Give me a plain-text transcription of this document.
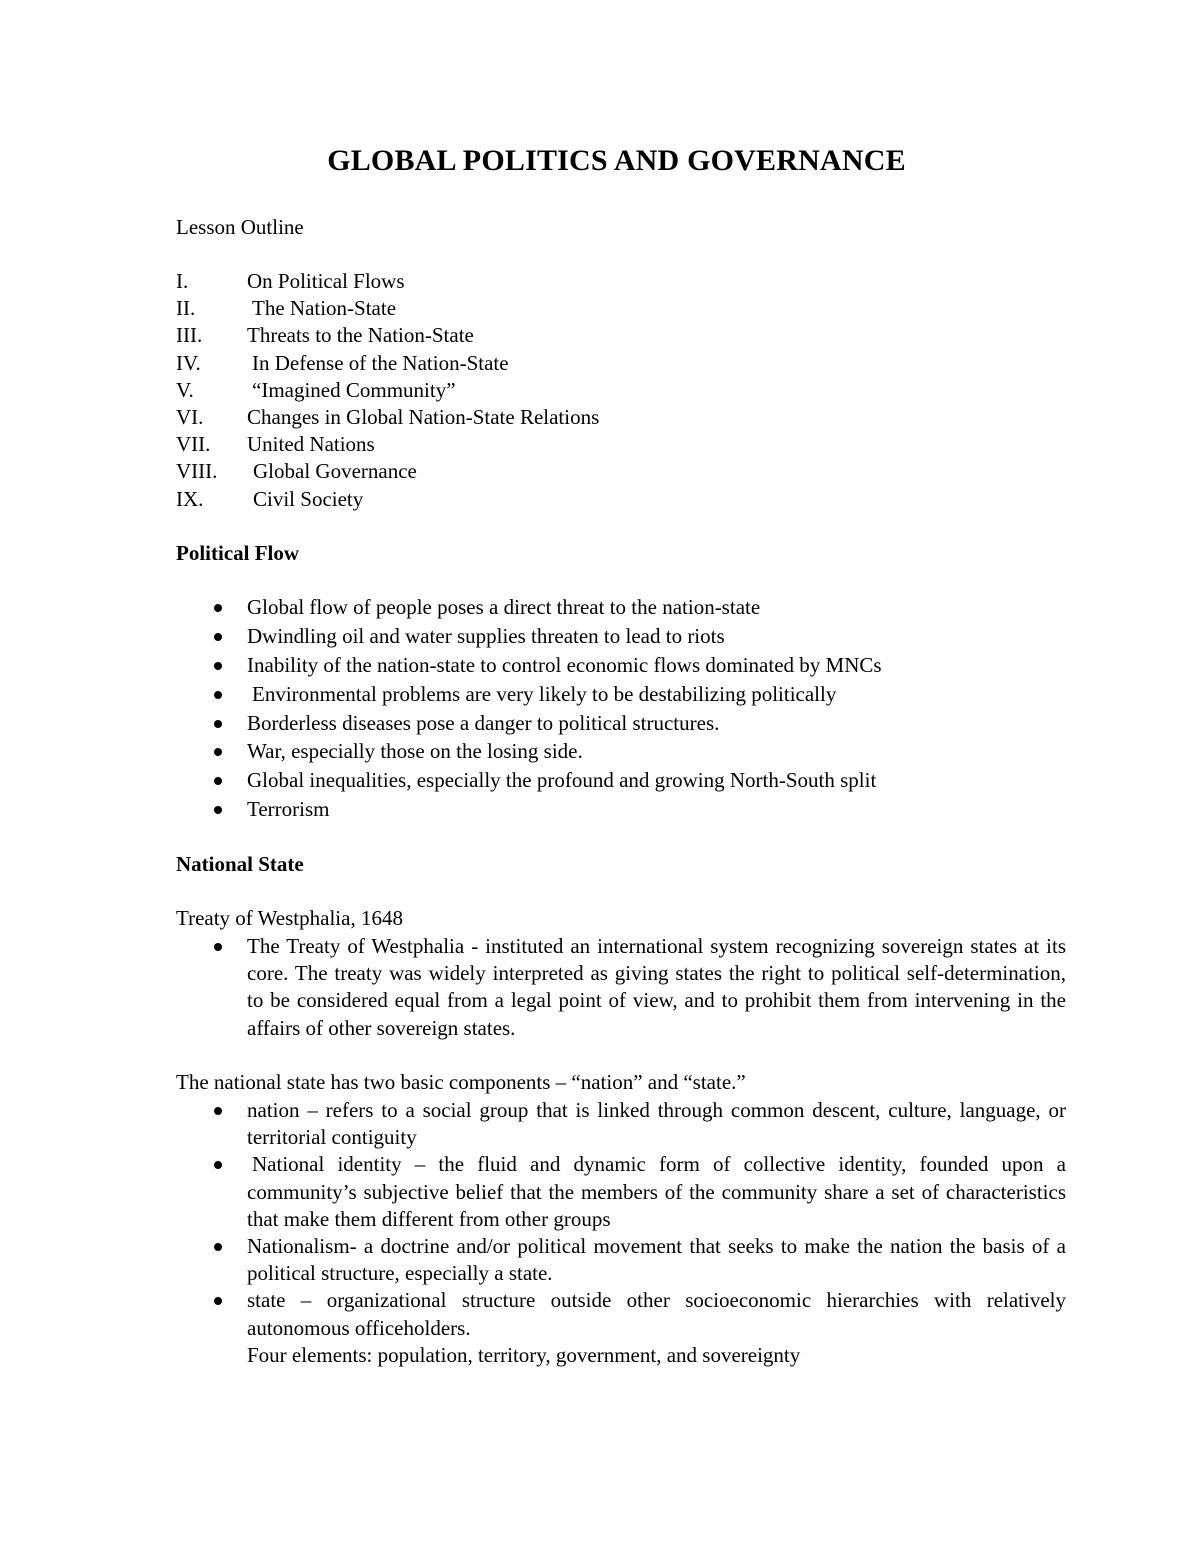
GLOBAL POLITICS AND GOVERNANCE
Lesson Outline
I.	On Political Flows
II.	The Nation-State
III. Threats to the Nation-State
IV. In Defense of the Nation-State
V.	“Imagined Community”
VI. Changes in Global Nation-State Relations
VII. United Nations
VIII. Global Governance
IX. Civil Society
Political Flow
Global flow of people poses a direct threat to the nation-state
Dwindling oil and water supplies threaten to lead to riots
Inability of the nation-state to control economic flows dominated by MNCs
Environmental problems are very likely to be destabilizing politically
Borderless diseases pose a danger to political structures.
War, especially those on the losing side.
Global inequalities, especially the profound and growing North-South split
Terrorism
National State
Treaty of Westphalia, 1648
The Treaty of Westphalia - instituted an international system recognizing sovereign states at its core. The treaty was widely interpreted as giving states the right to political self-determination, to be considered equal from a legal point of view, and to prohibit them from intervening in the affairs of other sovereign states.
The national state has two basic components – “nation” and “state.”
nation – refers to a social group that is linked through common descent, culture, language, or territorial contiguity
National identity – the fluid and dynamic form of collective identity, founded upon a community’s subjective belief that the members of the community share a set of characteristics that make them different from other groups
Nationalism- a doctrine and/or political movement that seeks to make the nation the basis of a political structure, especially a state.
state – organizational structure outside other socioeconomic hierarchies with relatively autonomous officeholders.
Four elements: population, territory, government, and sovereignty
